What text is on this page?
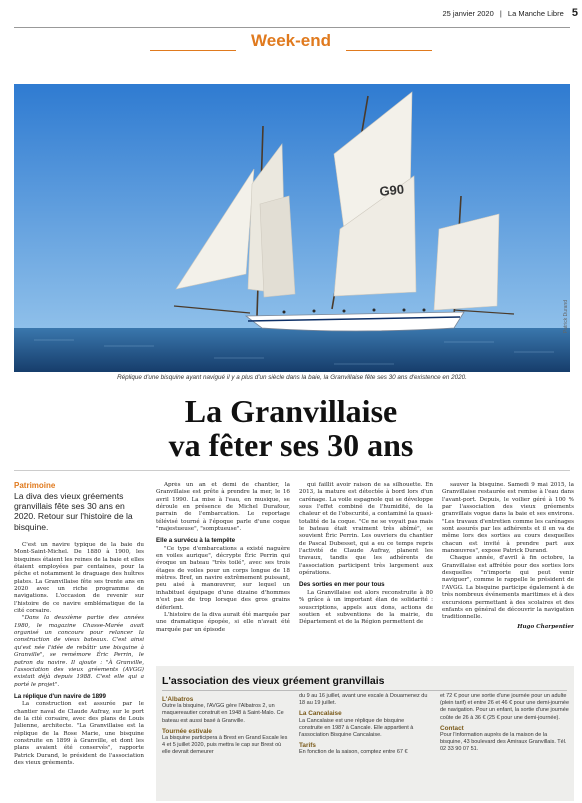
25 janvier 2020 | La Manche Libre 5
Week-end
G90
Patrick Durand
Réplique d'une bisquine ayant navigué il y a plus d'un siècle dans la baie, la Granvillaise fête ses 30 ans d'existence en 2020.
La Granvillaise
va fêter ses 30 ans
Patrimoine
La diva des vieux gréements granvillais fête ses 30 ans en 2020. Retour sur l'histoire de la bisquine.

C'est un navire typique de la baie du Mont-Saint-Michel. De 1880 à 1900, les bisquines étaient les reines de la baie et elles étaient employées par centaines, pour la pêche et notamment le draguage des huîtres plates. La Granvillaise fête ses trente ans en 2020 avec un riche programme de navigations. L'occasion de revenir sur l'histoire de ce navire emblématique de la cité corsaire.

"Dans la deuxième partie des années 1980, le magazine Chasse-Marée avait organisé un concours pour relancer la construction de vieux bateaux. C'est ainsi qu'est née l'idée de rebâtir une bisquine à Granville", se remémore Éric Perrin, le patron du navire. Il ajoute : "À Granville, l'association des vieux gréements (AVGG) existait déjà depuis 1988. C'est elle qui a porté le projet".

La réplique d'un navire de 1899

La construction est assurée par le chantier naval de Claude Aufray, sur le port de la cité corsaire, avec des plans de Louis Julienne, architecte. "La Granvillaise est la réplique de la Rose Marie, une bisquine construite en 1899 à Granville, et dont les plans avaient été conservés", rapporte Patrick Durand, le président de l'association des vieux gréements.

Après un an et demi de chantier, la Granvillaise est prête à prendre la mer, le 16 avril 1990. La mise à l'eau, en musique, se déroule en présence de Michel Durafour, parrain de l'embarcation. Le reportage télévisé tourné à l'époque parle d'une coque "majestueuse", "somptueuse".

Elle a survécu à la tempête

"Ce type d'embarcations a existé naguère en voiles aurique", décrypte Éric Perrin qui évoque un bateau "très toilé", avec ses trois étages de voiles pour un corps longue de 18 mètres. Bref, un navire extrêmement puissant, peu aisé à manœuvrer, sur lequel un inhabituel équipage d'une dizaine d'hommes n'est pas de trop lorsque des gros grains déferlent.

L'histoire de la diva aurait été marquée par une dramatique épopée, si elle n'avait été marquée par un épisode

qui faillit avoir raison de sa silhouette. En 2013, la mature est détectée à bord lors d'un carénage. La voile espagnole qui se développe sous l'effet combiné de l'humidité, de la chaleur et de l'obscurité, a contaminé la quasi-totalité de la coque. "Ce ne se voyait pas mais le bateau était vraiment très abîmé", se souvient Éric Perrin. Les ouvriers du chantier de Pascal Dubesset, qui a eu ce temps repris l'activité de Claude Aufray, planent les travaux, tandis que les adhérents de l'association participent très largement aux opérations.

Des sorties en mer pour tous

La Granvillaise est alors reconstruite à 80 % grâce à un important élan de solidarité : souscriptions, appels aux dons, actions de soutien et subventions de la mairie, du Département et de la Région permettent de

sauver la bisquine. Samedi 9 mai 2015, la Granvillaise restaurée est remise à l'eau dans l'avant-port. Depuis, le voilier géré à 100 % par l'association des vieux gréements granvillais vogue dans la baie et ses environs. "Les travaux d'entretien comme les carénages sont assurés par les adhérents et il en va de même lors des sorties au cours desquelles chacun est invité à prendre part aux manœuvres", expose Patrick Durand.

Chaque année, d'avril à fin octobre, la Granvillaise est affrétée pour des sorties lors desquelles "n'importe qui peut venir naviguer", comme le rappelle le président de l'AVGG. La bisquine participe également à de très nombreux événements maritimes et à des excursions permettant à des scolaires et des enfants en général de découvrir la navigation traditionnelle.

Hugo Charpentier
L'association des vieux gréement granvillais
L'Albatros

Outre la bisquine, l'AVGG gère l'Albatros 2, un maquereautier construit en 1948 à Saint-Malo. Ce bateau est aussi basé à Granville.

Tournée estivale

La bisquine participera à Brest en Grand Escale les 4 et 5 juillet 2020, puis mettra le cap sur Brest où elle devrait demeurer

du 9 au 16 juillet, avant une escale à Douarnenez du 18 au 19 juillet.

La Cancalaise

La Cancalaise est une réplique de bisquine construite en 1987 à Cancale. Elle appartient à l'association Bisquine Cancalaise.

Tarifs

En fonction de la saison, comptez entre 67 €

et 72 € pour une sortie d'une journée pour un adulte (plein tarif) et entre 26 et 46 € pour une demi-journée de navigation. Pour un enfant, la sortie d'une journée coûte de 26 à 36 € (25 € pour une demi-journée).

Contact

Pour l'information auprès de la maison de la bisquine, 43 boulevard des Amiraux Granvillais. Tél. 02 33 90 07 51.
